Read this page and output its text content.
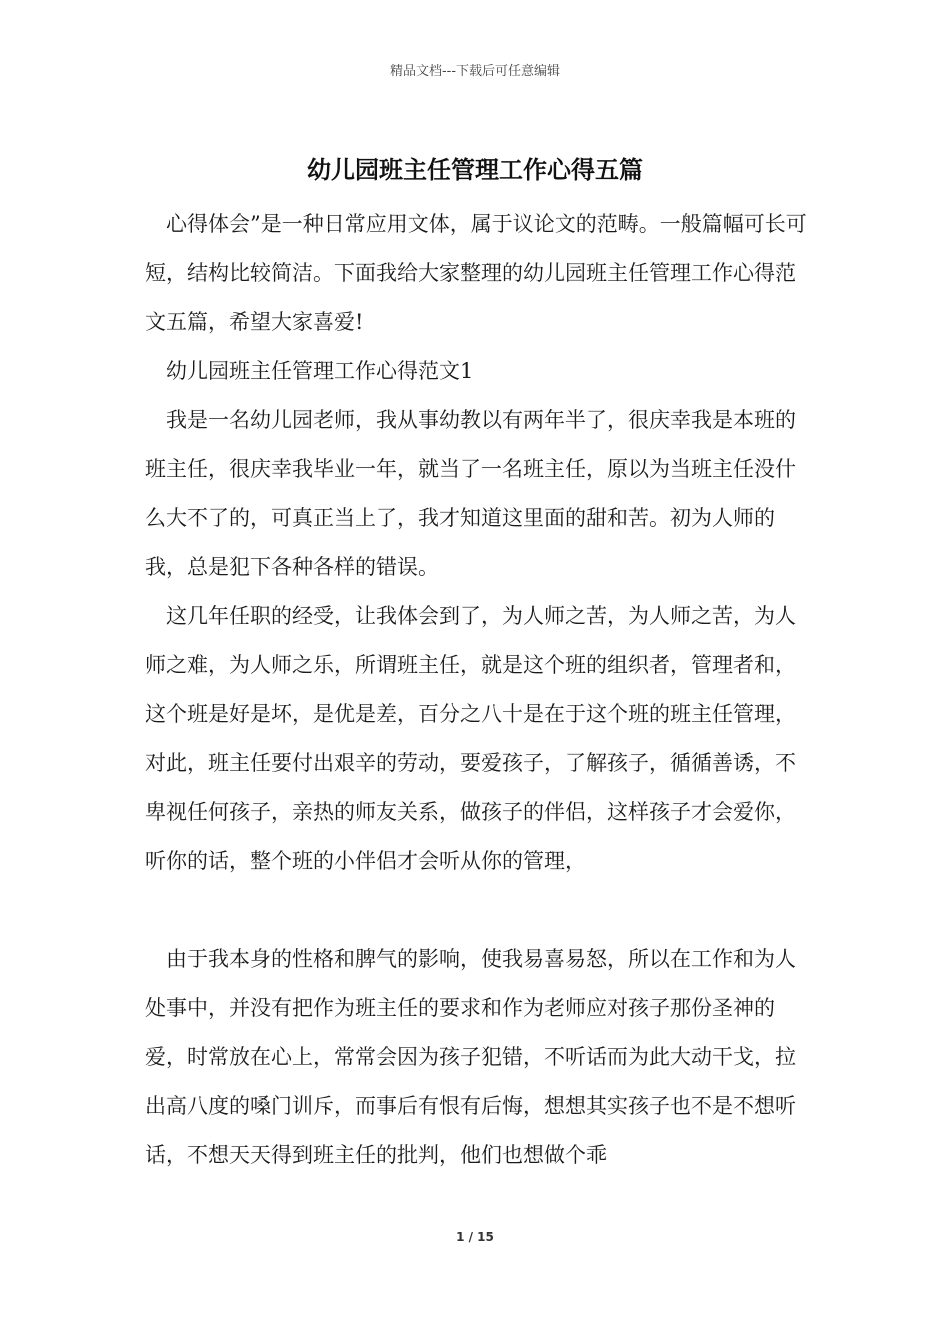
精品文档---下载后可任意编辑
幼儿园班主任管理工作心得五篇

心得体会”是一种日常应用文体，属于议论文的范畴。一般篇幅可长可短，结构比较简洁。下面我给大家整理的幼儿园班主任管理工作心得范文五篇，希望大家喜爱!

幼儿园班主任管理工作心得范文1

我是一名幼儿园老师，我从事幼教以有两年半了，很庆幸我是本班的班主任，很庆幸我毕业一年，就当了一名班主任，原以为当班主任没什么大不了的，可真正当上了，我才知道这里面的甜和苦。初为人师的我，总是犯下各种各样的错误。

这几年任职的经受，让我体会到了，为人师之苦，为人师之苦，为人师之难，为人师之乐，所谓班主任，就是这个班的组织者，管理者和，这个班是好是坏，是优是差，百分之八十是在于这个班的班主任管理，对此，班主任要付出艰辛的劳动，要爱孩子，了解孩子，循循善诱，不卑视任何孩子，亲热的师友关系，做孩子的伴侣，这样孩子才会爱你，听你的话，整个班的小伴侣才会听从你的管理，

由于我本身的性格和脾气的影响，使我易喜易怒，所以在工作和为人处事中，并没有把作为班主任的要求和作为老师应对孩子那份圣神的爱，时常放在心上，常常会因为孩子犯错，不听话而为此大动干戈，拉出高八度的嗓门训斥，而事后有恨有后悔，想想其实孩子也不是不想听话，不想天天得到班主任的批判，他们也想做个乖

1 / 15
